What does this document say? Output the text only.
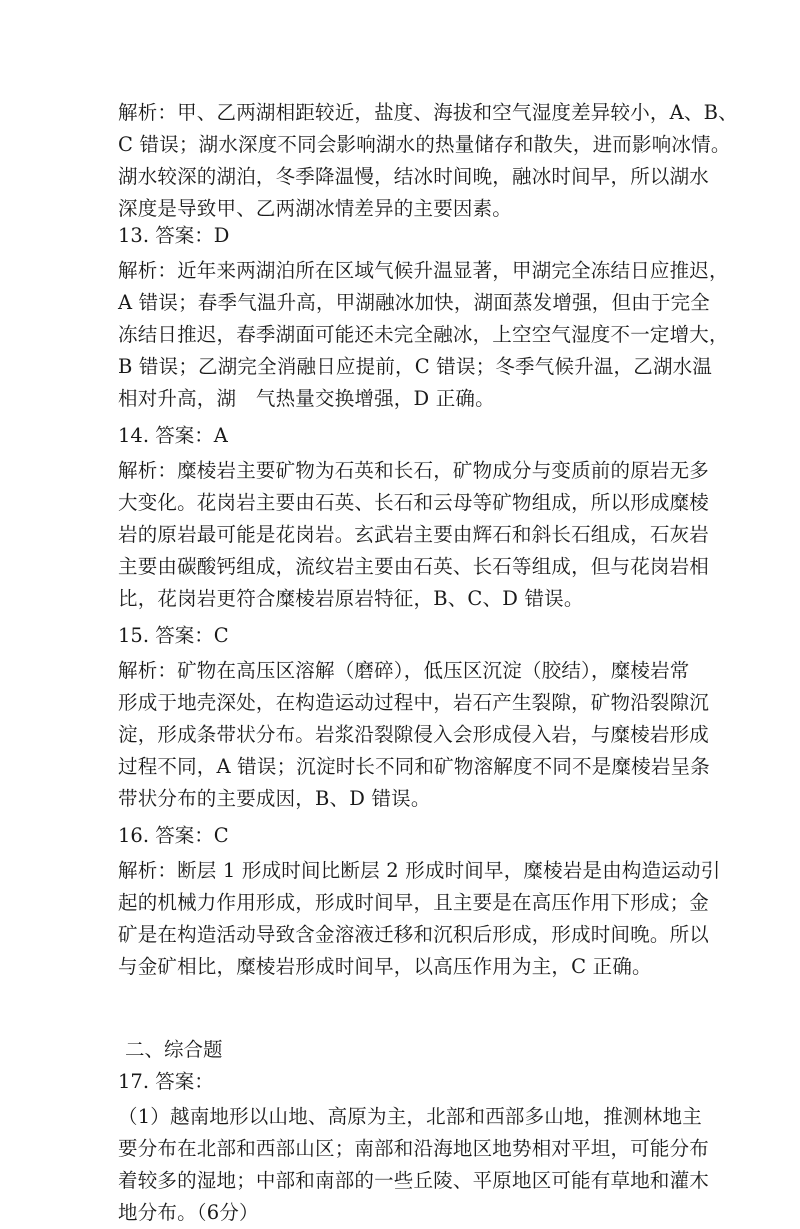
解析：甲、乙两湖相距较近，盐度、海拔和空气湿度差异较小，A、B、
C 错误；湖水深度不同会影响湖水的热量储存和散失，进而影响冰情。
湖水较深的湖泊，冬季降温慢，结冰时间晚，融冰时间早，所以湖水
深度是导致甲、乙两湖冰情差异的主要因素。
13. 答案：D
解析：近年来两湖泊所在区域气候升温显著，甲湖完全冻结日应推迟，
A 错误；春季气温升高，甲湖融冰加快，湖面蒸发增强，但由于完全
冻结日推迟，春季湖面可能还未完全融冰，上空空气湿度不一定增大，
B 错误；乙湖完全消融日应提前，C 错误；冬季气候升温，乙湖水温
相对升高，湖　气热量交换增强，D 正确。
14. 答案：A
解析：糜棱岩主要矿物为石英和长石，矿物成分与变质前的原岩无多
大变化。花岗岩主要由石英、长石和云母等矿物组成，所以形成糜棱
岩的原岩最可能是花岗岩。玄武岩主要由辉石和斜长石组成，石灰岩
主要由碳酸钙组成，流纹岩主要由石英、长石等组成，但与花岗岩相
比，花岗岩更符合糜棱岩原岩特征，B、C、D 错误。
15. 答案：C
解析：矿物在高压区溶解（磨碎），低压区沉淀（胶结），糜棱岩常
形成于地壳深处，在构造运动过程中，岩石产生裂隙，矿物沿裂隙沉
淀，形成条带状分布。岩浆沿裂隙侵入会形成侵入岩，与糜棱岩形成
过程不同，A 错误；沉淀时长不同和矿物溶解度不同不是糜棱岩呈条
带状分布的主要成因，B、D 错误。
16. 答案：C
解析：断层 1 形成时间比断层 2 形成时间早，糜棱岩是由构造运动引
起的机械力作用形成，形成时间早，且主要是在高压作用下形成；金
矿是在构造活动导致含金溶液迁移和沉积后形成，形成时间晚。所以
与金矿相比，糜棱岩形成时间早，以高压作用为主，C 正确。
二、综合题
17. 答案：
（1）越南地形以山地、高原为主，北部和西部多山地，推测林地主
要分布在北部和西部山区；南部和沿海地区地势相对平坦，可能分布
着较多的湿地；中部和南部的一些丘陵、平原地区可能有草地和灌木
地分布。（6分）
